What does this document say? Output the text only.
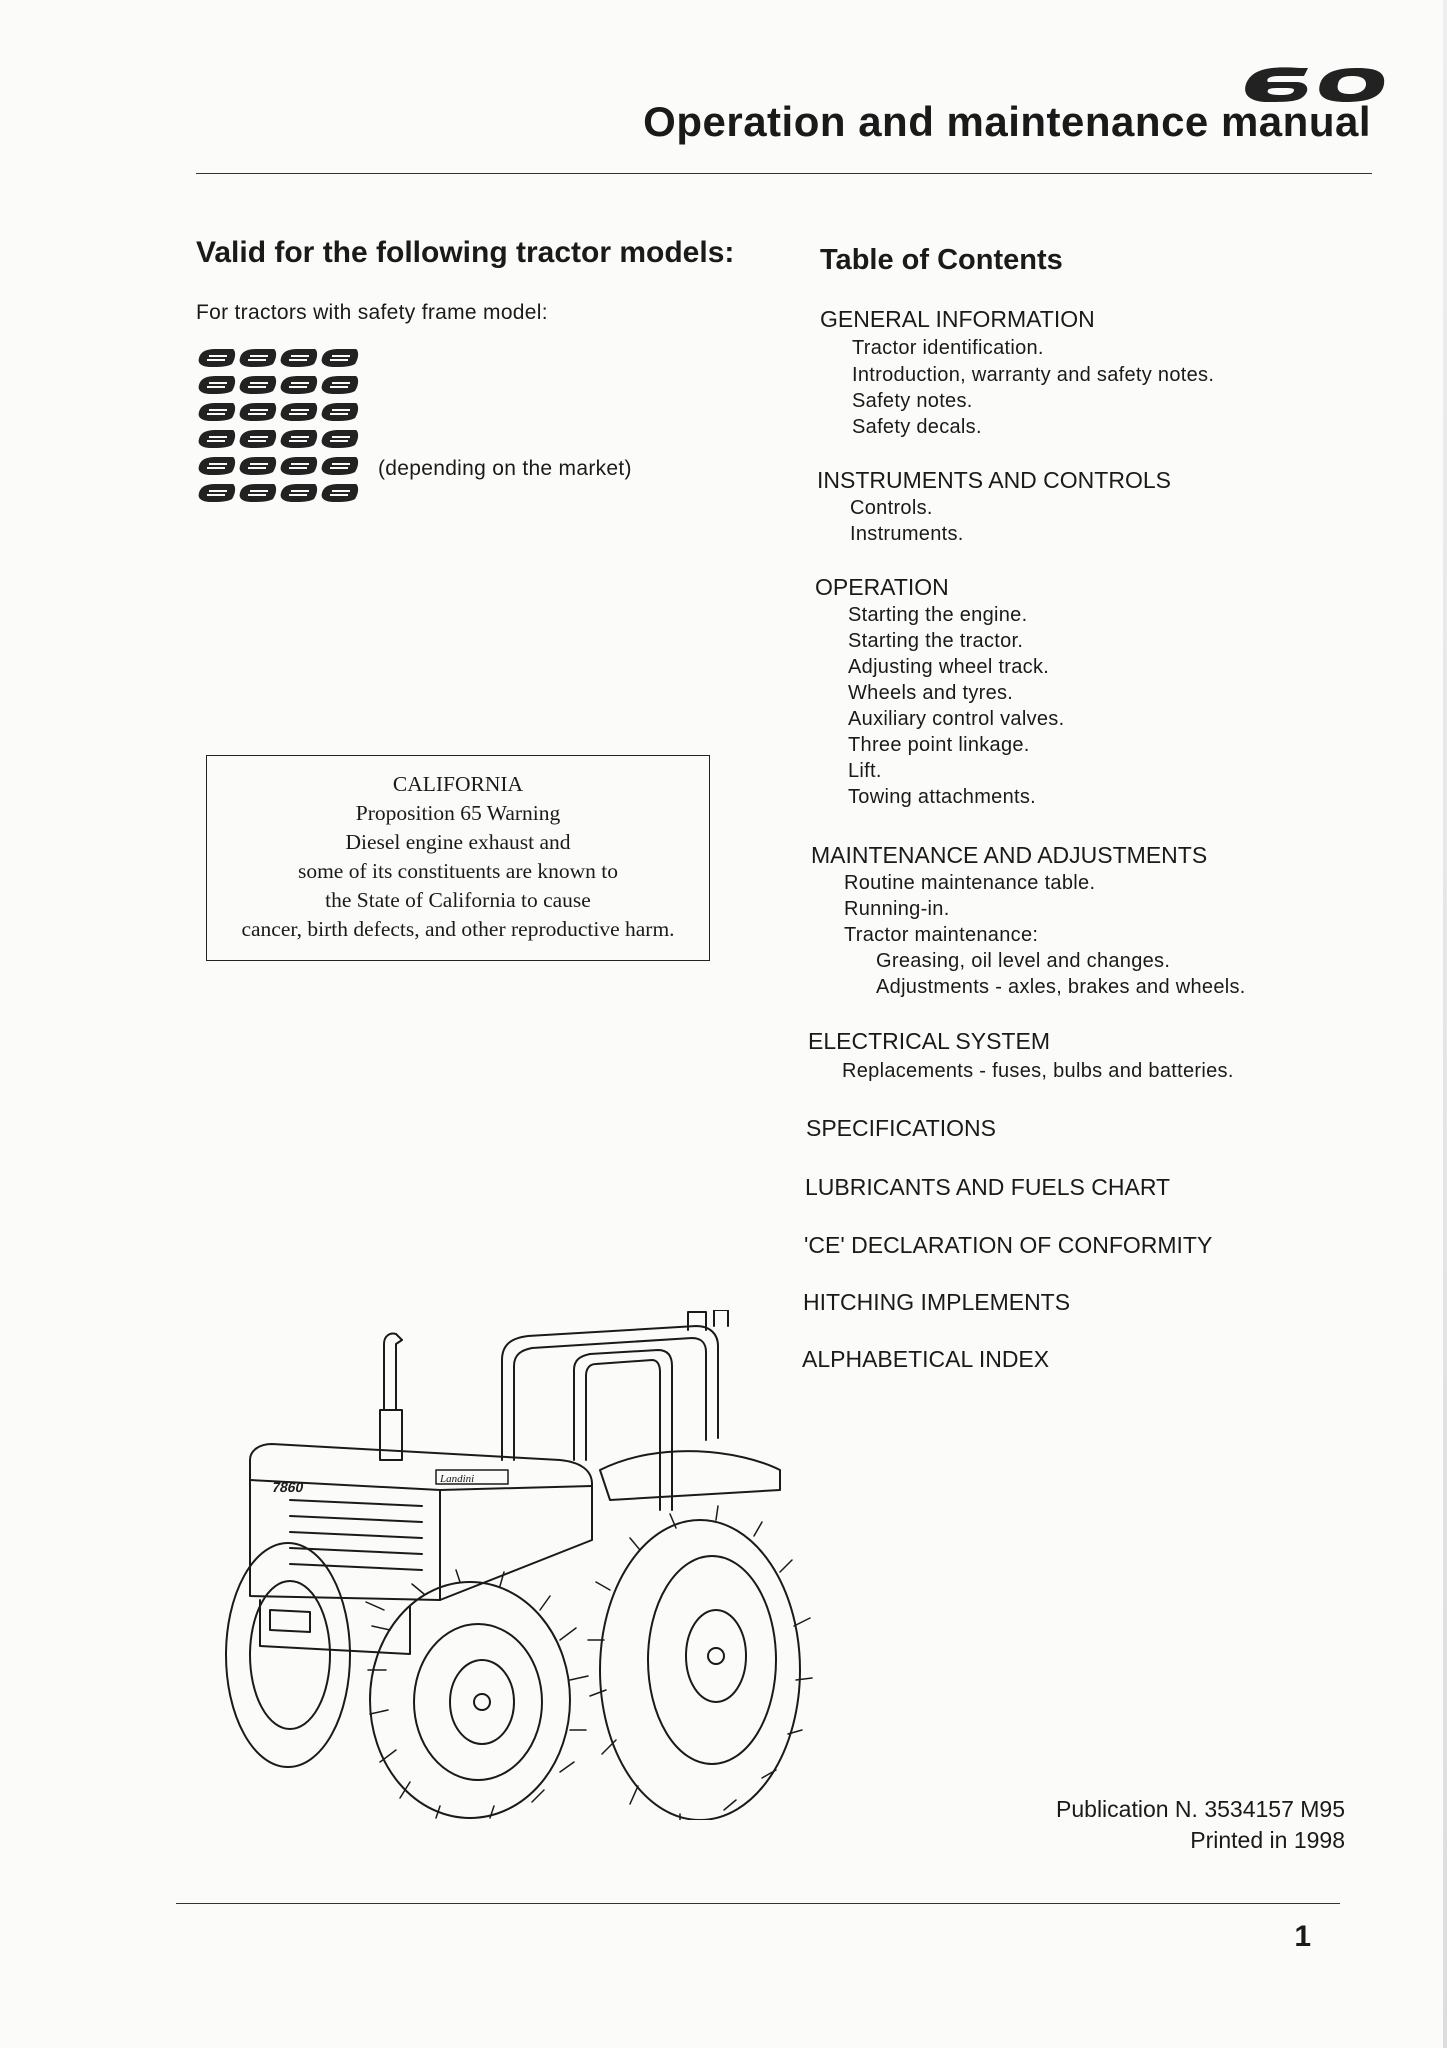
Operation and maintenance manual
Valid for the following tractor models:
For tractors with safety frame model:
(depending on the market)
CALIFORNIA
Proposition 65 Warning
Diesel engine exhaust and
some of its constituents are known to
the State of California to cause
cancer, birth defects, and other reproductive harm.
Table of Contents
GENERAL INFORMATION
Tractor identification.
Introduction, warranty and safety notes.
Safety notes.
Safety decals.
INSTRUMENTS AND CONTROLS
Controls.
Instruments.
OPERATION
Starting the engine.
Starting the tractor.
Adjusting wheel track.
Wheels and tyres.
Auxiliary control valves.
Three point linkage.
Lift.
Towing attachments.
MAINTENANCE AND ADJUSTMENTS
Routine maintenance table.
Running-in.
Tractor maintenance:
Greasing, oil level and changes.
Adjustments - axles, brakes and wheels.
ELECTRICAL SYSTEM
Replacements - fuses, bulbs and batteries.
SPECIFICATIONS
LUBRICANTS AND FUELS CHART
'CE' DECLARATION OF CONFORMITY
HITCHING IMPLEMENTS
ALPHABETICAL INDEX
7860
Landini
Publication N. 3534157 M95
Printed in 1998
1
